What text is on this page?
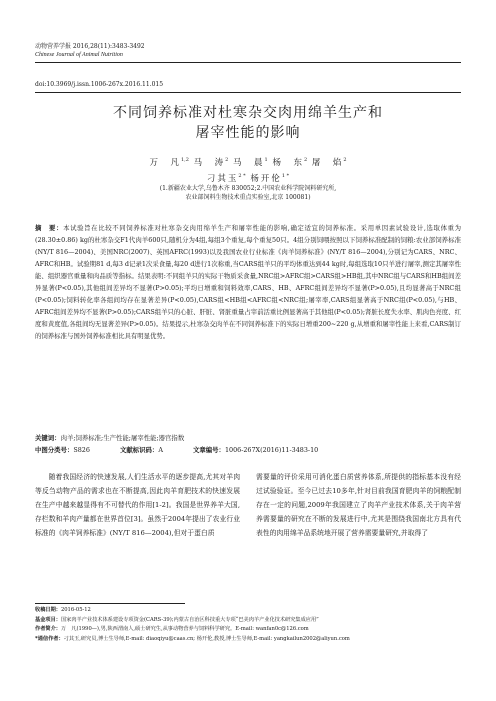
动物营养学报 2016,28(11):3483-3492
Chinese Journal of Animal Nutrition
doi:10.3969/j.issn.1006-267x.2016.11.015
不同饲养标准对杜寒杂交肉用绵羊生产和
屠宰性能的影响
万　凡$^{1,2}$ 马　涛$^2$ 马　晨$^1$ 杨　东$^2$ 屠　焰$^2$
刁其玉$^{2 *}$ 杨开伦$^{1 *}$
(1.新疆农业大学,乌鲁木齐 830052;2.中国农业科学院饲料研究所,
农业部饲料生物技术重点实验室,北京 100081)
摘　要：本试验旨在比较不同饲养标准对杜寒杂交肉用绵羊生产和屠宰性能的影响,确定适宜的饲养标准。采用单因素试验设计,选取体重为(28.30±0.86) kg的杜寒杂交F1代肉羊600只,随机分为4组,每组3个重复,每个重复50只。4组分别饲喂按照以下饲养标准配制的饲粮:农业部饲养标准(NY/T 816—2004)、美国NRC(2007)、英国AFRC(1993)以及我国农业行业标准《肉羊饲养标准》(NY/T 816—2004),分别记为CARS、NRC、AFRC和HB。试验期81 d,每3 d记录1次采食量,每20 d进行1次称重,当CARS组羊只的平均体重达到44 kg时,每组选取10只羊进行屠宰,测定其屠宰性能、组织器官重量和肉品质等指标。结果表明:不同组羊只的实际干物质采食量,NRC组>AFRC组>CARS组>HB组,其中NRC组与CARS和HB组间差异显著(P<0.05),其他组间差异均不显著(P>0.05);平均日增重和饲料效率,CARS、HB、AFRC组间差异均不显著(P>0.05),且均显著高于NRC组(P<0.05);饲料转化率各组间均存在显著差异(P<0.05),CARS组<HB组<AFRC组<NRC组;屠宰率,CARS组显著高于NRC组(P<0.05),与HB、AFRC组间差异均不显著(P>0.05);CARS组羊只的心脏、肝脏、肾脏重量占宰前活重比例显著高于其他组(P<0.05);肾脏长度失水率、肌肉色亮度、红度和黄度值,各组间均无显著差异(P>0.05)。结果提示,杜寒杂交肉羊在不同饲养标准下的实际日增重200~220 g,从增重和屠宰性能上来看,CARS制订的饲养标准与国外饲养标准相比具有明显优势。
关键词：肉羊;饲养标准;生产性能;屠宰性能;器官指数
中图分类号：S826	文献标识码：A	文章编号：1006-267X(2016)11-3483-10

随着我国经济的快速发展,人们生活水平的逐步提高,尤其对羊肉等反刍动物产品的需求也在不断提高,因此肉羊育肥技术的快速发展在生产中越来越显得有不可替代的作用[1-2]。我国是世界养羊大国,存栏数和羊肉产量都在世界首位[3]。虽然于2004年提出了农业行业标准的《肉羊饲养标准》(NY/T 816—2004),但对于蛋白质

需要量的评价采用可消化蛋白质营养体系,所提供的指标基本没有经过试验验证。至今已过去10多年,针对目前我国育肥肉羊的饲粮配制存在一定的问题,2009年我国建立了肉羊产业技术体系,关于肉羊营养需要量的研究在不断的发展进行中,尤其是围绕我国南北方具有代表性的肉用绵羊品系统地开展了营养需要量研究,并取得了

收稿日期：2016-05-12
基金项目：国家肉羊产业技术体系建设专项资金(CARS-39);内蒙古自治区科技重大专项“巴美肉羊产业化技术研究集成应用”
作者简介：万　凡(1990—),男,陕西渭南人,硕士研究生,从事动物营养与饲料科学研究。E-mail: wanfan0c@126.com
*通信作者：刁其玉,研究员,博士生导师,E-mail: diaoqiyu@caas.cn; 杨开伦,教授,博士生导师,E-mail: yangkailun2002@aliyun.com
